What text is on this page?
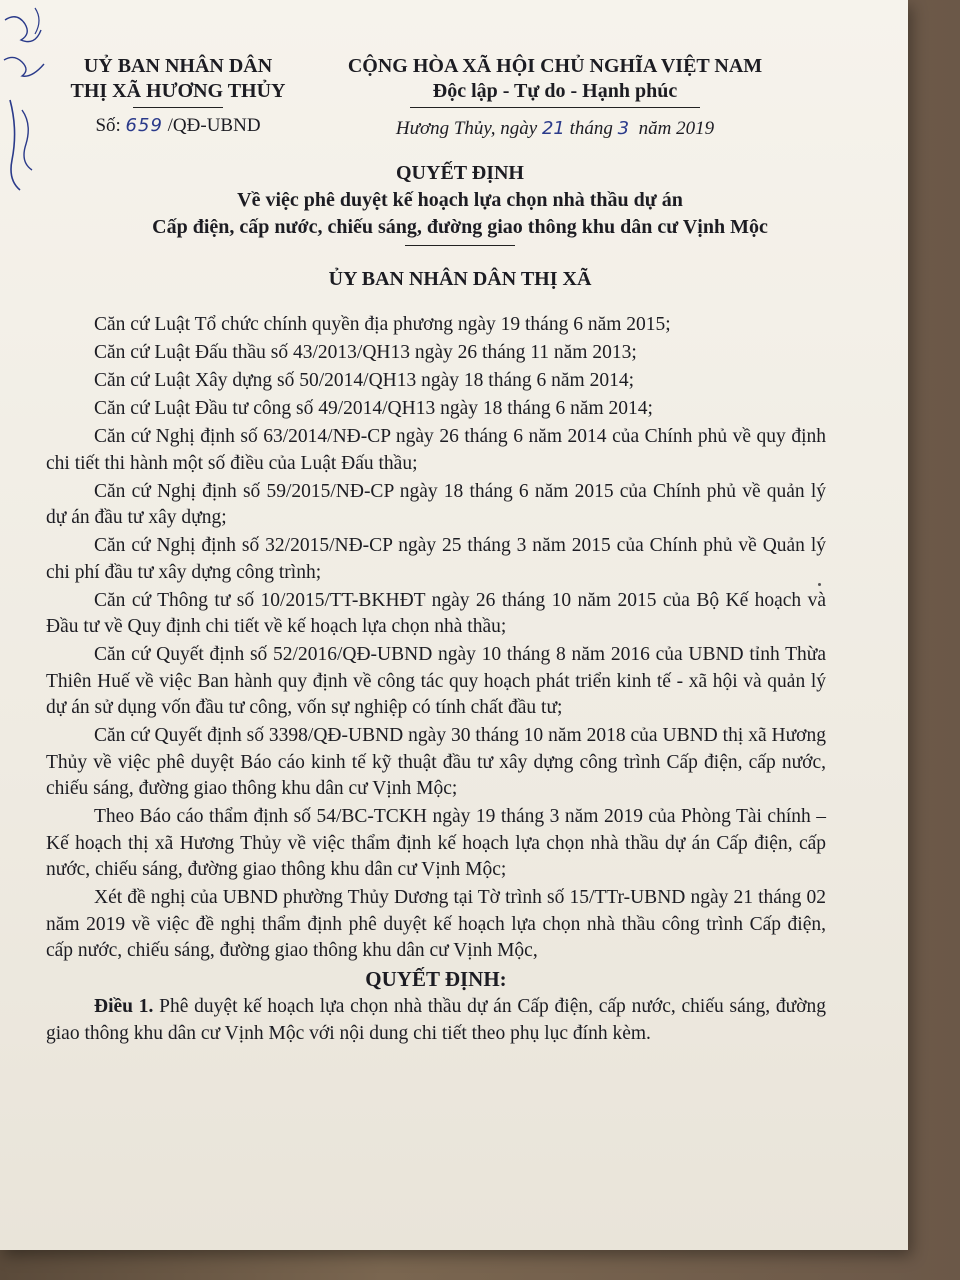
UỶ BAN NHÂN DÂN
THỊ XÃ HƯƠNG THỦY
Số: 659 /QĐ-UBND
CỘNG HÒA XÃ HỘI CHỦ NGHĨA VIỆT NAM
Độc lập - Tự do - Hạnh phúc
Hương Thủy, ngày 21 tháng 3 năm 2019
QUYẾT ĐỊNH
Về việc phê duyệt kế hoạch lựa chọn nhà thầu dự án
Cấp điện, cấp nước, chiếu sáng, đường giao thông khu dân cư Vịnh Mộc
ỦY BAN NHÂN DÂN THỊ XÃ

Căn cứ Luật Tổ chức chính quyền địa phương ngày 19 tháng 6 năm 2015;

Căn cứ Luật Đấu thầu số 43/2013/QH13 ngày 26 tháng 11 năm 2013;

Căn cứ Luật Xây dựng số 50/2014/QH13 ngày 18 tháng 6 năm 2014;

Căn cứ Luật Đầu tư công số 49/2014/QH13 ngày 18 tháng 6 năm 2014;

Căn cứ Nghị định số 63/2014/NĐ-CP ngày 26 tháng 6 năm 2014 của Chính phủ về quy định chi tiết thi hành một số điều của Luật Đấu thầu;

Căn cứ Nghị định số 59/2015/NĐ-CP ngày 18 tháng 6 năm 2015 của Chính phủ về quản lý dự án đầu tư xây dựng;

Căn cứ Nghị định số 32/2015/NĐ-CP ngày 25 tháng 3 năm 2015 của Chính phủ về Quản lý chi phí đầu tư xây dựng công trình;

Căn cứ Thông tư số 10/2015/TT-BKHĐT ngày 26 tháng 10 năm 2015 của Bộ Kế hoạch và Đầu tư về Quy định chi tiết về kế hoạch lựa chọn nhà thầu;

Căn cứ Quyết định số 52/2016/QĐ-UBND ngày 10 tháng 8 năm 2016 của UBND tỉnh Thừa Thiên Huế về việc Ban hành quy định về công tác quy hoạch phát triển kinh tế - xã hội và quản lý dự án sử dụng vốn đầu tư công, vốn sự nghiệp có tính chất đầu tư;

Căn cứ Quyết định số 3398/QĐ-UBND ngày 30 tháng 10 năm 2018 của UBND thị xã Hương Thủy về việc phê duyệt Báo cáo kinh tế kỹ thuật đầu tư xây dựng công trình Cấp điện, cấp nước, chiếu sáng, đường giao thông khu dân cư Vịnh Mộc;

Theo Báo cáo thẩm định số 54/BC-TCKH ngày 19 tháng 3 năm 2019 của Phòng Tài chính – Kế hoạch thị xã Hương Thủy về việc thẩm định kế hoạch lựa chọn nhà thầu dự án Cấp điện, cấp nước, chiếu sáng, đường giao thông khu dân cư Vịnh Mộc;

Xét đề nghị của UBND phường Thủy Dương tại Tờ trình số 15/TTr-UBND ngày 21 tháng 02 năm 2019 về việc đề nghị thẩm định phê duyệt kế hoạch lựa chọn nhà thầu công trình Cấp điện, cấp nước, chiếu sáng, đường giao thông khu dân cư Vịnh Mộc,

QUYẾT ĐỊNH:

Điều 1. Phê duyệt kế hoạch lựa chọn nhà thầu dự án Cấp điện, cấp nước, chiếu sáng, đường giao thông khu dân cư Vịnh Mộc với nội dung chi tiết theo phụ lục đính kèm.
